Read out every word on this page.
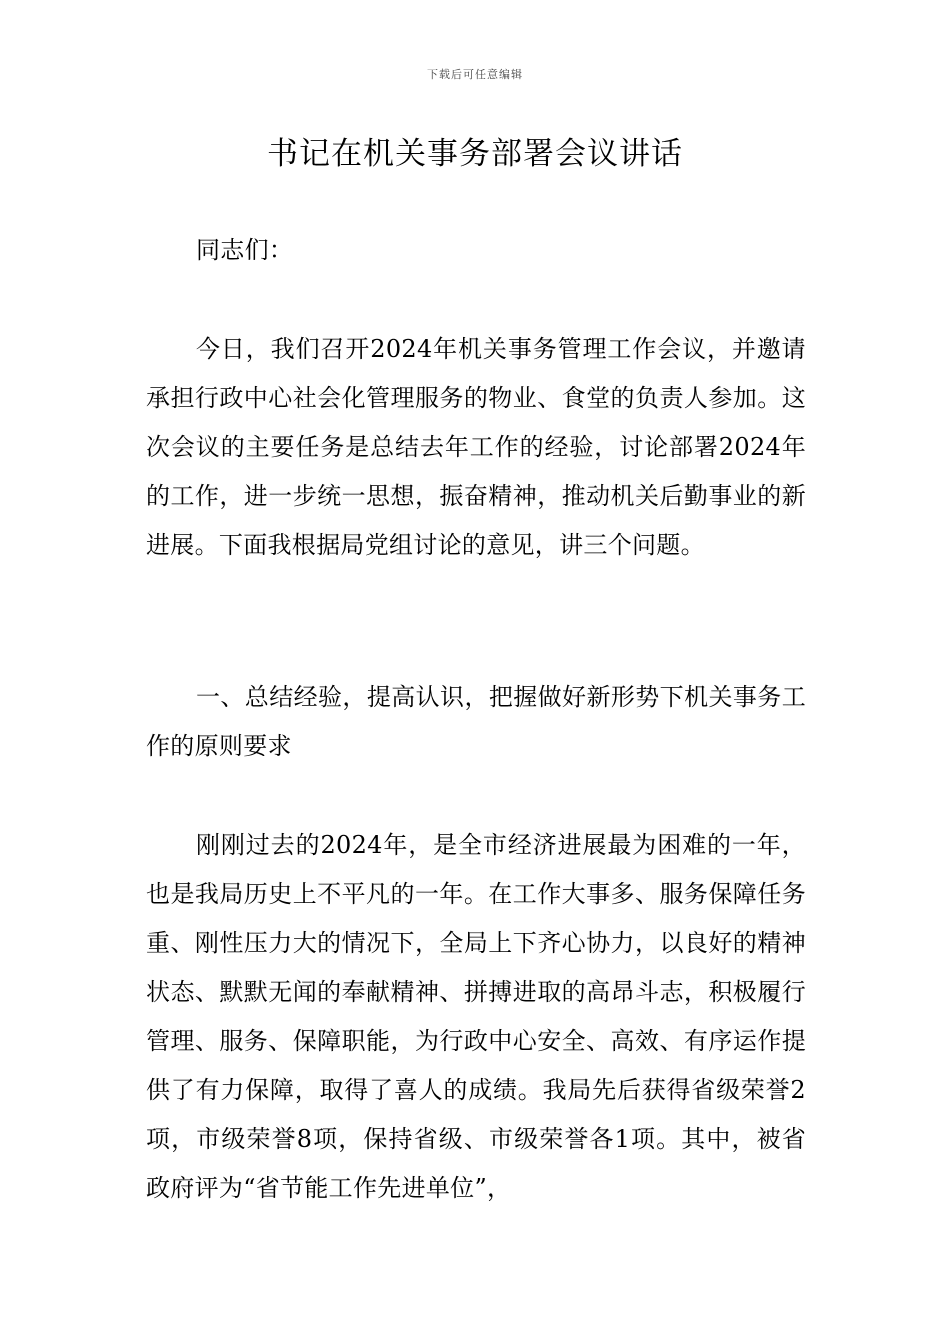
下载后可任意编辑
书记在机关事务部署会议讲话

同志们：

今日，我们召开2024年机关事务管理工作会议，并邀请承担行政中心社会化管理服务的物业、食堂的负责人参加。这次会议的主要任务是总结去年工作的经验，讨论部署2024年的工作，进一步统一思想，振奋精神，推动机关后勤事业的新进展。下面我根据局党组讨论的意见，讲三个问题。

一、总结经验，提高认识，把握做好新形势下机关事务工作的原则要求

刚刚过去的2024年，是全市经济进展最为困难的一年，也是我局历史上不平凡的一年。在工作大事多、服务保障任务重、刚性压力大的情况下，全局上下齐心协力，以良好的精神状态、默默无闻的奉献精神、拼搏进取的高昂斗志，积极履行管理、服务、保障职能，为行政中心安全、高效、有序运作提供了有力保障，取得了喜人的成绩。我局先后获得省级荣誉2项，市级荣誉8项，保持省级、市级荣誉各1项。其中，被省政府评为“省节能工作先进单位”，
